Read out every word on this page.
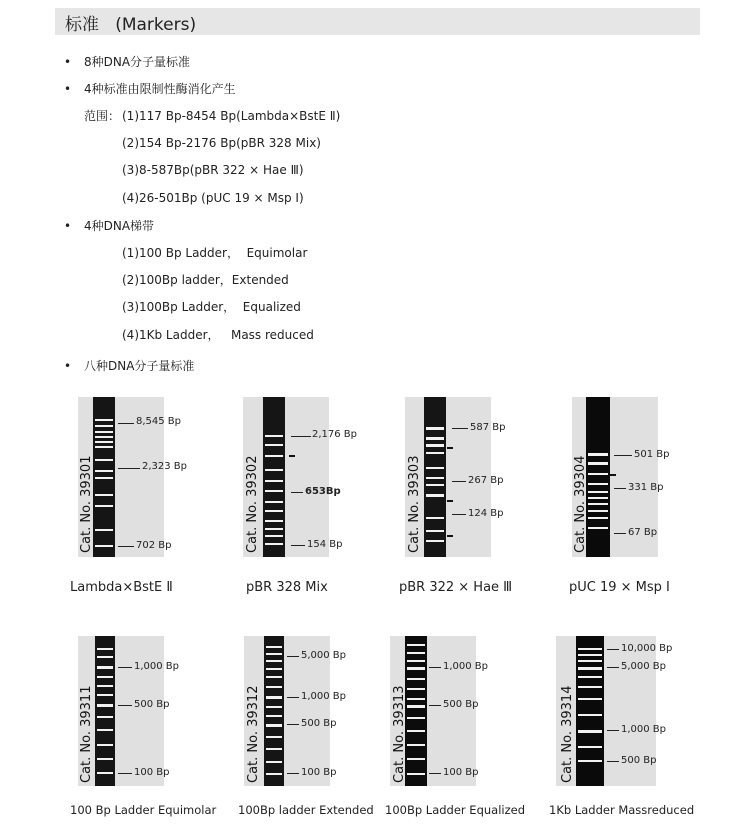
标准   (Markers)
• 8种DNA分子量标准
• 4种标准由限制性酶消化产生
范围： (1)117 Bp-8454 Bp(Lambda×BstE Ⅱ)
(2)154 Bp-2176 Bp(pBR 328 Mix)
(3)8-587Bp(pBR 322 × Hae Ⅲ)
(4)26-501Bp (pUC 19 × Msp Ⅰ)
• 4种DNA梯带
(1)100 Bp Ladder，  Equimolar
(2)100Bp ladder，Extended
(3)100Bp Ladder，  Equalized
(4)1Kb Ladder，   Mass reduced
• 八种DNA分子量标准
Cat. No. 39301
8,545 Bp
2,323 Bp
702 Bp
Lambda×BstE Ⅱ
Cat. No. 39302
2,176 Bp
653Bp
154 Bp
pBR 328 Mix
Cat. No. 39303
587 Bp
267 Bp
124 Bp
pBR 322 × Hae Ⅲ
Cat. No. 39304
501 Bp
331 Bp
67 Bp
pUC 19 × Msp Ⅰ
Cat. No. 39311
1,000 Bp
500 Bp
100 Bp
100 Bp Ladder Equimolar
Cat. No. 39312
5,000 Bp
1,000 Bp
500 Bp
100 Bp
100Bp ladder Extended
Cat. No. 39313
1,000 Bp
500 Bp
100 Bp
100Bp Ladder Equalized
Cat. No. 39314
10,000 Bp
5,000 Bp
1,000 Bp
500 Bp
1Kb Ladder Massreduced
